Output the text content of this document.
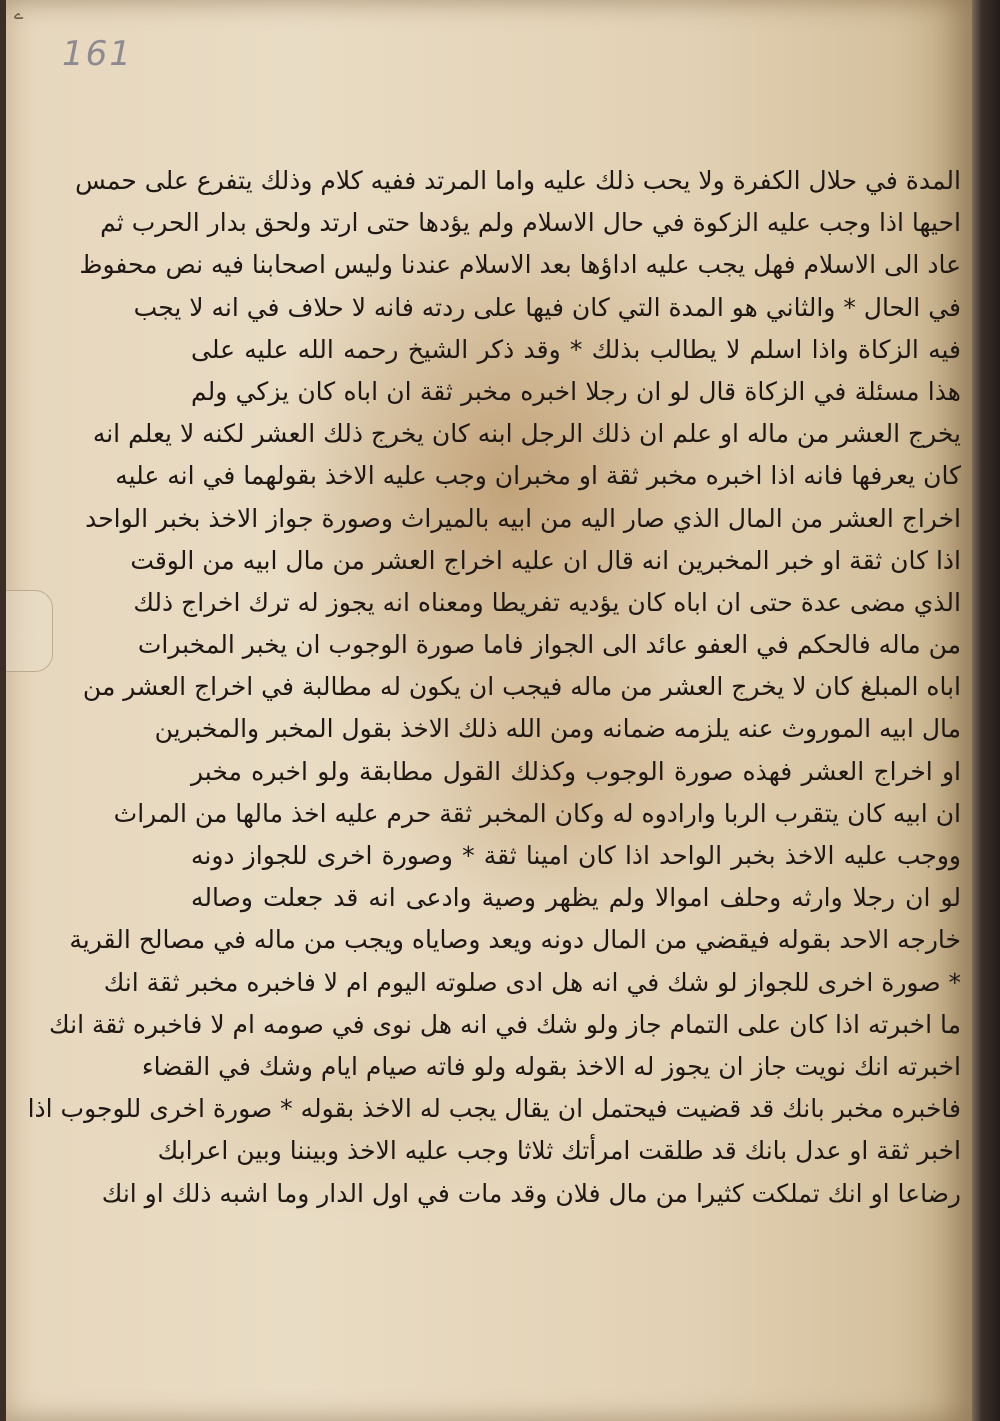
ے
161
المدة في حلال الكفرة ولا يحب ذلك عليه واما المرتد ففيه كلام وذلك يتفرع على حمس
احيها اذا وجب عليه الزكوة في حال الاسلام ولم يؤدها حتى ارتد ولحق بدار الحرب ثم
عاد الى الاسلام فهل يجب عليه اداؤها بعد الاسلام عندنا وليس اصحابنا فيه نص محفوظ
في الحال * والثاني هو المدة التي كان فيها على ردته فانه لا حلاف في انه لا يجب
فيه الزكاة واذا اسلم لا يطالب بذلك * وقد ذكر الشيخ رحمه الله عليه على
هذا مسئلة في الزكاة قال لو ان رجلا اخبره مخبر ثقة ان اباه كان يزكي ولم
يخرج العشر من ماله او علم ان ذلك الرجل ابنه كان يخرج ذلك العشر لكنه لا يعلم انه
كان يعرفها فانه اذا اخبره مخبر ثقة او مخبران وجب عليه الاخذ بقولهما في انه عليه
اخراج العشر من المال الذي صار اليه من ابيه بالميراث وصورة جواز الاخذ بخبر الواحد
اذا كان ثقة او خبر المخبرين انه قال ان عليه اخراج العشر من مال ابيه من الوقت
الذي مضى عدة حتى ان اباه كان يؤديه تفريطا ومعناه انه يجوز له ترك اخراج ذلك
من ماله فالحكم في العفو عائد الى الجواز فاما صورة الوجوب ان يخبر المخبرات
اباه المبلغ كان لا يخرج العشر من ماله فيجب ان يكون له مطالبة في اخراج العشر من
مال ابيه الموروث عنه يلزمه ضمانه ومن الله ذلك الاخذ بقول المخبر والمخبرين
او اخراج العشر فهذه صورة الوجوب وكذلك القول مطابقة ولو اخبره مخبر
ان ابيه كان يتقرب الربا وارادوه له وكان المخبر ثقة حرم عليه اخذ مالها من المراث
ووجب عليه الاخذ بخبر الواحد اذا كان امينا ثقة * وصورة اخرى للجواز دونه
لو ان رجلا وارثه وحلف اموالا ولم يظهر وصية وادعى انه قد جعلت وصاله
خارجه الاحد بقوله فيقضي من المال دونه ويعد وصاياه ويجب من ماله في مصالح القرية
* صورة اخرى للجواز لو شك في انه هل ادى صلوته اليوم ام لا فاخبره مخبر ثقة انك
ما اخبرته اذا كان على التمام جاز ولو شك في انه هل نوى في صومه ام لا فاخبره ثقة انك
اخبرته انك نويت جاز ان يجوز له الاخذ بقوله ولو فاته صيام ايام وشك في القضاء
فاخبره مخبر بانك قد قضيت فيحتمل ان يقال يجب له الاخذ بقوله * صورة اخرى للوجوب اذا
اخبر ثقة او عدل بانك قد طلقت امرأتك ثلاثا وجب عليه الاخذ وبيننا وبين اعرابك
رضاعا او انك تملكت كثيرا من مال فلان وقد مات في اول الدار وما اشبه ذلك او انك
